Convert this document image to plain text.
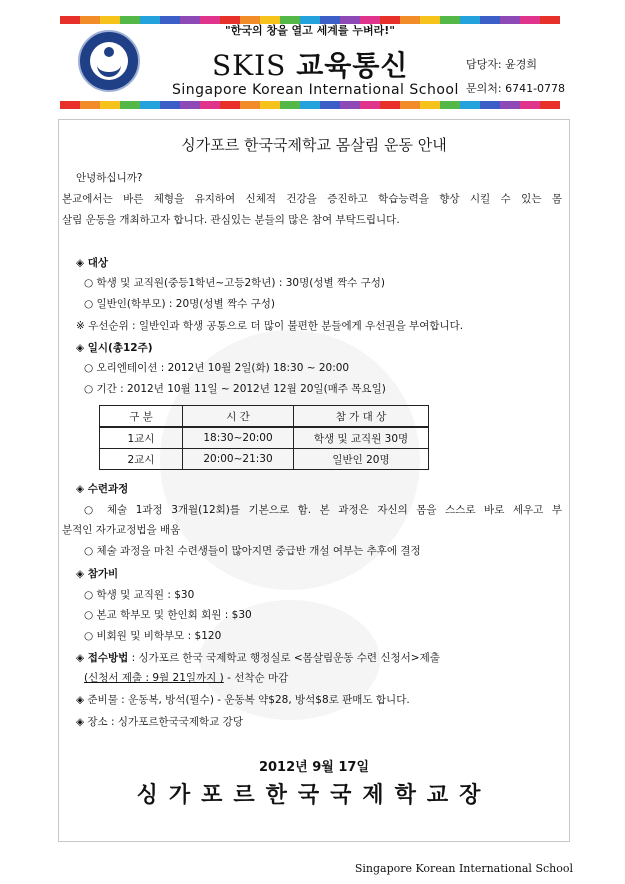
"한국의 창을 열고 세계를 누벼라!"
SKIS 교육통신
Singapore Korean International School
담당자: 윤경희
문의처: 6741-0778
싱가포르 한국국제학교 몸살림 운동 안내
안녕하십니까?
본교에서는 바른 체형을 유지하여 신체적 건강을 증진하고 학습능력을 향상 시킬 수 있는 몸
살림 운동을 개최하고자 합니다. 관심있는 분들의 많은 참여 부탁드립니다.
◈ 대상
○ 학생 및 교직원(중등1학년~고등2학년) : 30명(성별 짝수 구성)
○ 일반인(학부모) : 20명(성별 짝수 구성)
※ 우선순위 : 일반인과 학생 공통으로 더 많이 불편한 분들에게 우선권을 부여합니다.
◈ 일시(총12주)
○ 오리엔테이션 : 2012년 10월 2일(화) 18:30 ~ 20:00
○ 기간 : 2012년 10월 11일 ~ 2012년 12월 20일(매주 목요일)
구 분	시 간	참 가 대 상
1교시	18:30~20:00	학생 및 교직원 30명
2교시	20:00~21:30	일반인 20명
◈ 수련과정
○ 체술 1과정 3개월(12회)를 기본으로 함. 본 과정은 자신의 몸을 스스로 바로 세우고 부
분적인 자가교정법을 배움
○ 체술 과정을 마친 수련생들이 많아지면 중급반 개설 여부는 추후에 결정
◈ 참가비
○ 학생 및 교직원 : $30
○ 본교 학부모 및 한인회 회원 : $30
○ 비회원 및 비학부모 : $120
◈ 접수방법 : 싱가포르 한국 국제학교 행정실로 <몸살림운동 수련 신청서>제출
(신청서 제출 : 9월 21일까지 ) - 선착순 마감
◈ 준비물 : 운동복, 방석(필수) - 운동복 약$28, 방석$8로 판매도 합니다.
◈ 장소 : 싱가포르한국국제학교 강당
2012년 9월 17일
싱가포르한국국제학교장
Singapore Korean International School
